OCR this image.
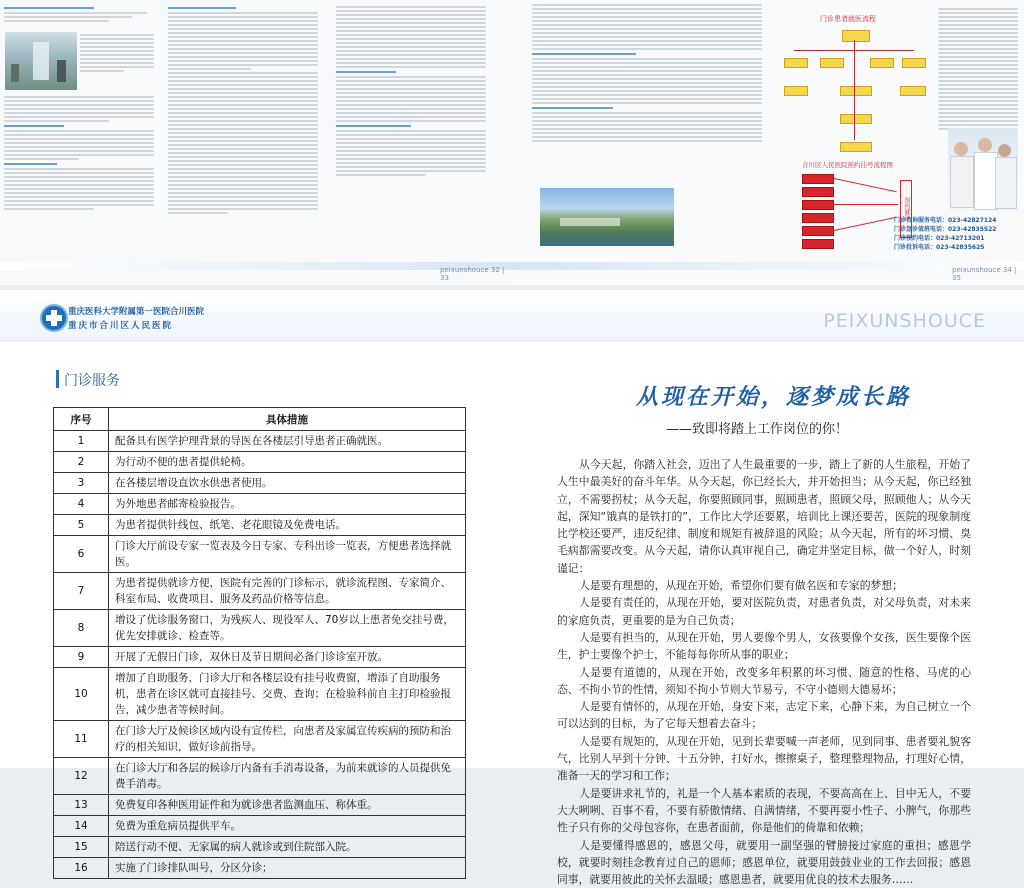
peixunshouce 32 | 33
门诊患者就医流程
合川区人民医院预约挂号流程图
预约就诊
门诊咨询服务电话：023-42827124
门诊急诊值班电话：023-42835522
门诊预约电话：023-42713201
门诊投诉电话：023-42835625
peixunshouce 34 | 35
重庆医科大学附属第一医院合川医院
重庆市合川区人民医院	PEIXUNSHOUCE
门诊服务
序号	具体措施
1	配备具有医学护理背景的导医在各楼层引导患者正确就医。
2	为行动不便的患者提供轮椅。
3	在各楼层增设直饮水供患者使用。
4	为外地患者邮寄检验报告。
5	为患者提供针线包、纸笔、老花眼镜及免费电话。
6	门诊大厅前设专家一览表及今日专家、专科出诊一览表，方便患者选择就医。
7	为患者提供就诊方便，医院有完善的门诊标示，就诊流程图、专家简介、科室布局、收费项目、服务及药品价格等信息。
8	增设了优诊服务窗口，为残疾人、现役军人、70岁以上患者免交挂号费，优先安排就诊、检查等。
9	开展了无假日门诊，双休日及节日期间必备门诊诊室开放。
10	增加了自助服务，门诊大厅和各楼层设有挂号收费窗，增添了自助服务机，患者在诊区就可直接挂号、交费、查询；在检验科前自主打印检验报告，减少患者等候时间。
11	在门诊大厅及候诊区域内设有宣传栏，向患者及家属宣传疾病的预防和治疗的相关知识，做好诊前指导。
12	在门诊大厅和各层的候诊厅内备有手消毒设备，为前来就诊的人员提供免费手消毒。
13	免费复印各种医用证件和为就诊患者监测血压、称体重。
14	免费为重危病员提供平车。
15	陪送行动不便、无家属的病人就诊或到住院部入院。
16	实施了门诊排队叫号，分区分诊；
从现在开始，逐梦成长路
——致即将踏上工作岗位的你！
从今天起，你踏入社会，迈出了人生最重要的一步，踏上了新的人生旅程，开始了人生中最美好的奋斗年华。从今天起，你已经长大，并开始担当；从今天起，你已经独立，不需要拐杖；从今天起，你要照顾同事，照顾患者，照顾父母，照顾他人；从今天起，深知“饿真的是铁打的”，工作比大学还要累，培训比上课还要苦，医院的现象制度比学校还要严，违反纪律、制度和规矩有被辞退的风险；从今天起，所有的坏习惯、臭毛病都需要改变。从今天起，请你认真审视自己，确定并坚定目标，做一个好人，时刻谨记：
人是要有理想的，从现在开始，希望你们要有做名医和专家的梦想；
人是要有责任的，从现在开始，要对医院负责，对患者负责，对父母负责，对未来的家庭负责，更重要的是为自己负责；
人是要有担当的，从现在开始，男人要像个男人，女孩要像个女孩，医生要像个医生，护士要像个护士，不能每每你所从事的职业；
人是要有道德的，从现在开始，改变多年积累的坏习惯、随意的性格、马虎的心态、不拘小节的性情，须知不拘小节则大节易亏，不守小德则大德易坏；
人是要有情怀的，从现在开始，身安下来，志定下来，心静下来，为自己树立一个可以达到的目标，为了它每天想着去奋斗；
人是要有规矩的，从现在开始，见到长辈要喊一声老师，见到同事、患者要礼貌客气，比别人早到十分钟、十五分钟，打好水，擦擦桌子，整理整理物品，打理好心情，准备一天的学习和工作；
人是要讲求礼节的，礼是一个人基本素质的表现，不要高高在上、目中无人，不要大大咧咧、百事不看，不要有骄傲情绪、自满情绪，不要再耍小性子、小脾气，你那些性子只有你的父母包容你，在患者面前，你是他们的倚靠和依赖；
人是要懂得感恩的，感恩父母，就要用一副坚强的臂膀接过家庭的重担；感恩学校，就要时刻挂念教育过自己的恩师；感恩单位，就要用鼓鼓业业的工作去回报；感恩同事，就要用彼此的关怀去温暖；感恩患者，就要用优良的技术去服务……
